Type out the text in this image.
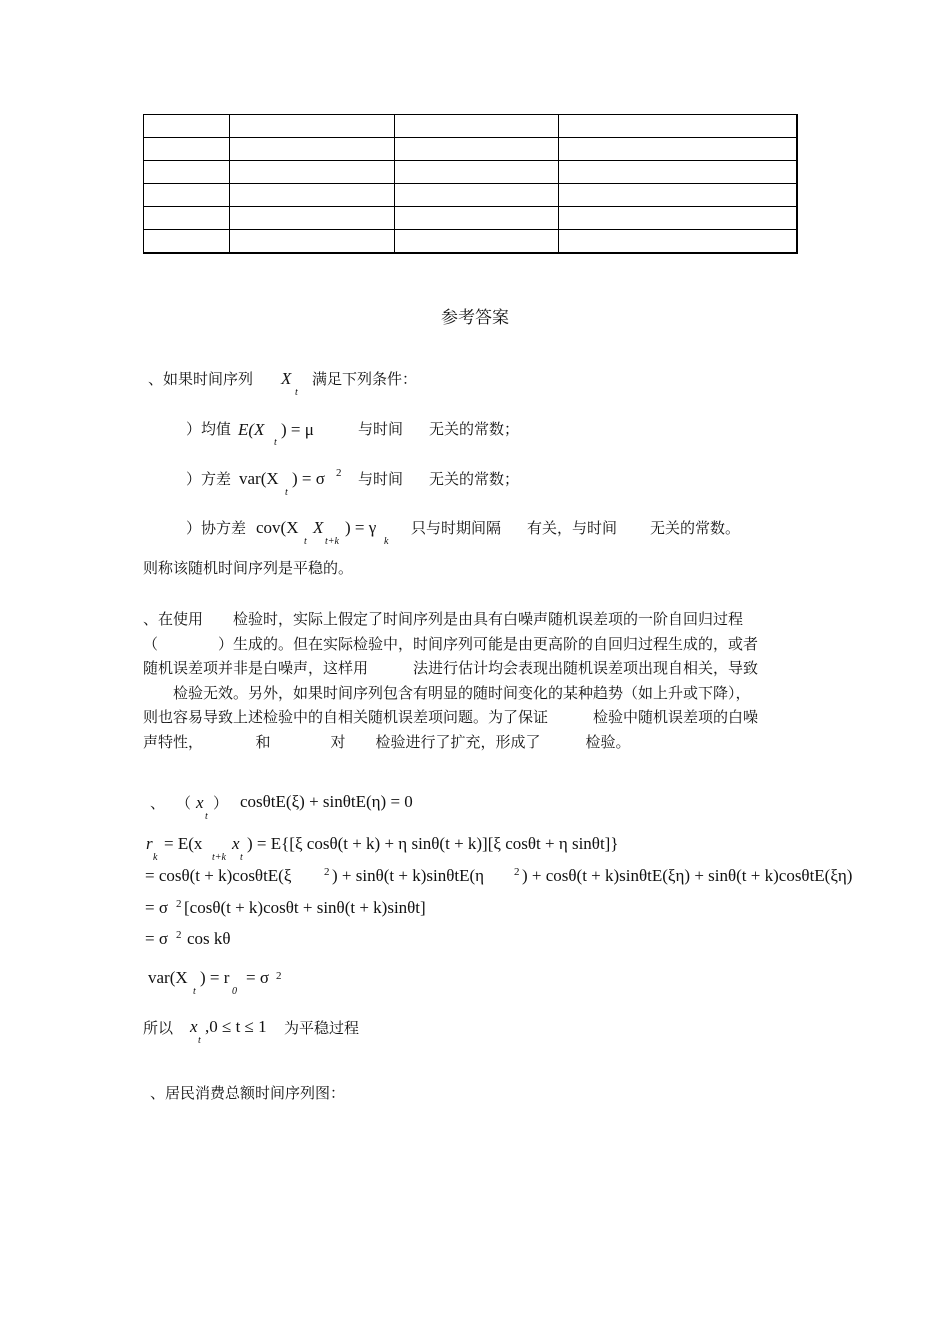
参考答案
、如果时间序列 X
t
满足下列条件：
）均值 E(X
t
) = μ	与时间 无关的常数；
）方差 var(X
t
) = σ 2 与时间 无关的常数；
）协方差 cov(X
t
X
t+k
) = γ
k
只与时期间隔 有关，与时间 无关的常数。
则称该随机时间序列是平稳的。
、在使用　　检验时，实际上假定了时间序列是由具有白噪声随机误差项的一阶自回归过程
（　　　　）生成的。但在实际检验中，时间序列可能是由更高阶的自回归过程生成的，或者
随机误差项并非是白噪声，这样用　　　法进行估计均会表现出随机误差项出现自相关，导致
　　检验无效。另外，如果时间序列包含有明显的随时间变化的某种趋势（如上升或下降），
则也容易导致上述检验中的自相关随机误差项问题。为了保证　　　检验中随机误差项的白噪
声特性，　　　　和　　　　对　　检验进行了扩充，形成了　　　检验。
、 （ x
t
） cosθtE(ξ) + sinθtE(η) = 0
r
k
= E(x
t+k
x
t
) = E{[ξ cosθ(t + k) + η sinθ(t + k)][ξ cosθt + η sinθt]}
= cosθ(t + k)cosθtE(ξ	2 ) + sinθ(t + k)sinθtE(η	2 ) + cosθ(t + k)sinθtE(ξη) + sinθ(t + k)cosθtE(ξη)
= σ 2 [cosθ(t + k)cosθt + sinθ(t + k)sinθt]
= σ 2 cos kθ
var(X
t
) = r
0
= σ 2
所以 x
t
,0 ≤ t ≤ 1 为平稳过程
、居民消费总额时间序列图：
